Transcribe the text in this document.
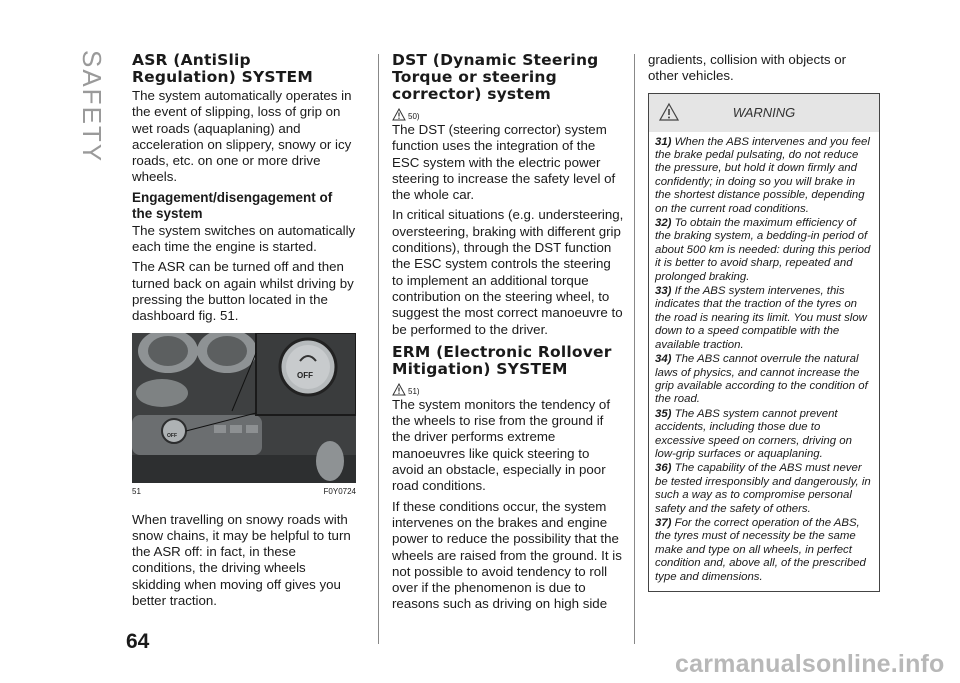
SAFETY
64
ASR (AntiSlip Regulation) SYSTEM

The system automatically operates in the event of slipping, loss of grip on wet roads (aquaplaning) and acceleration on slippery, snowy or icy roads, etc. on one or more drive wheels.

Engagement/disengagement of the system

The system switches on automatically each time the engine is started.

The ASR can be turned off and then turned back on again whilst driving by pressing the button located in the dashboard fig. 51.

OFF
OFF
51	F0Y0724

When travelling on snowy roads with snow chains, it may be helpful to turn the ASR off: in fact, in these conditions, the driving wheels skidding when moving off gives you better traction.

DST (Dynamic Steering Torque or steering corrector) system
50)

The DST (steering corrector) system function uses the integration of the ESC system with the electric power steering to increase the safety level of the whole car.

In critical situations (e.g. understeering, oversteering, braking with different grip conditions), through the DST function the ESC system controls the steering to implement an additional torque contribution on the steering wheel, to suggest the most correct manoeuvre to be performed to the driver.

ERM (Electronic Rollover Mitigation) SYSTEM
51)

The system monitors the tendency of the wheels to rise from the ground if the driver performs extreme manoeuvres like quick steering to avoid an obstacle, especially in poor road conditions.

If these conditions occur, the system intervenes on the brakes and engine power to reduce the possibility that the wheels are raised from the ground. It is not possible to avoid tendency to roll over if the phenomenon is due to reasons such as driving on high side

gradients, collision with objects or other vehicles.

WARNING
31) When the ABS intervenes and you feel the brake pedal pulsating, do not reduce the pressure, but hold it down firmly and confidently; in doing so you will brake in the shortest distance possible, depending on the current road conditions.
32) To obtain the maximum efficiency of the braking system, a bedding-in period of about 500 km is needed: during this period it is better to avoid sharp, repeated and prolonged braking.
33) If the ABS system intervenes, this indicates that the traction of the tyres on the road is nearing its limit. You must slow down to a speed compatible with the available traction.
34) The ABS cannot overrule the natural laws of physics, and cannot increase the grip available according to the condition of the road.
35) The ABS system cannot prevent accidents, including those due to excessive speed on corners, driving on low-grip surfaces or aquaplaning.
36) The capability of the ABS must never be tested irresponsibly and dangerously, in such a way as to compromise personal safety and the safety of others.
37) For the correct operation of the ABS, the tyres must of necessity be the same make and type on all wheels, in perfect condition and, above all, of the prescribed type and dimensions.
carmanualsonline.info
